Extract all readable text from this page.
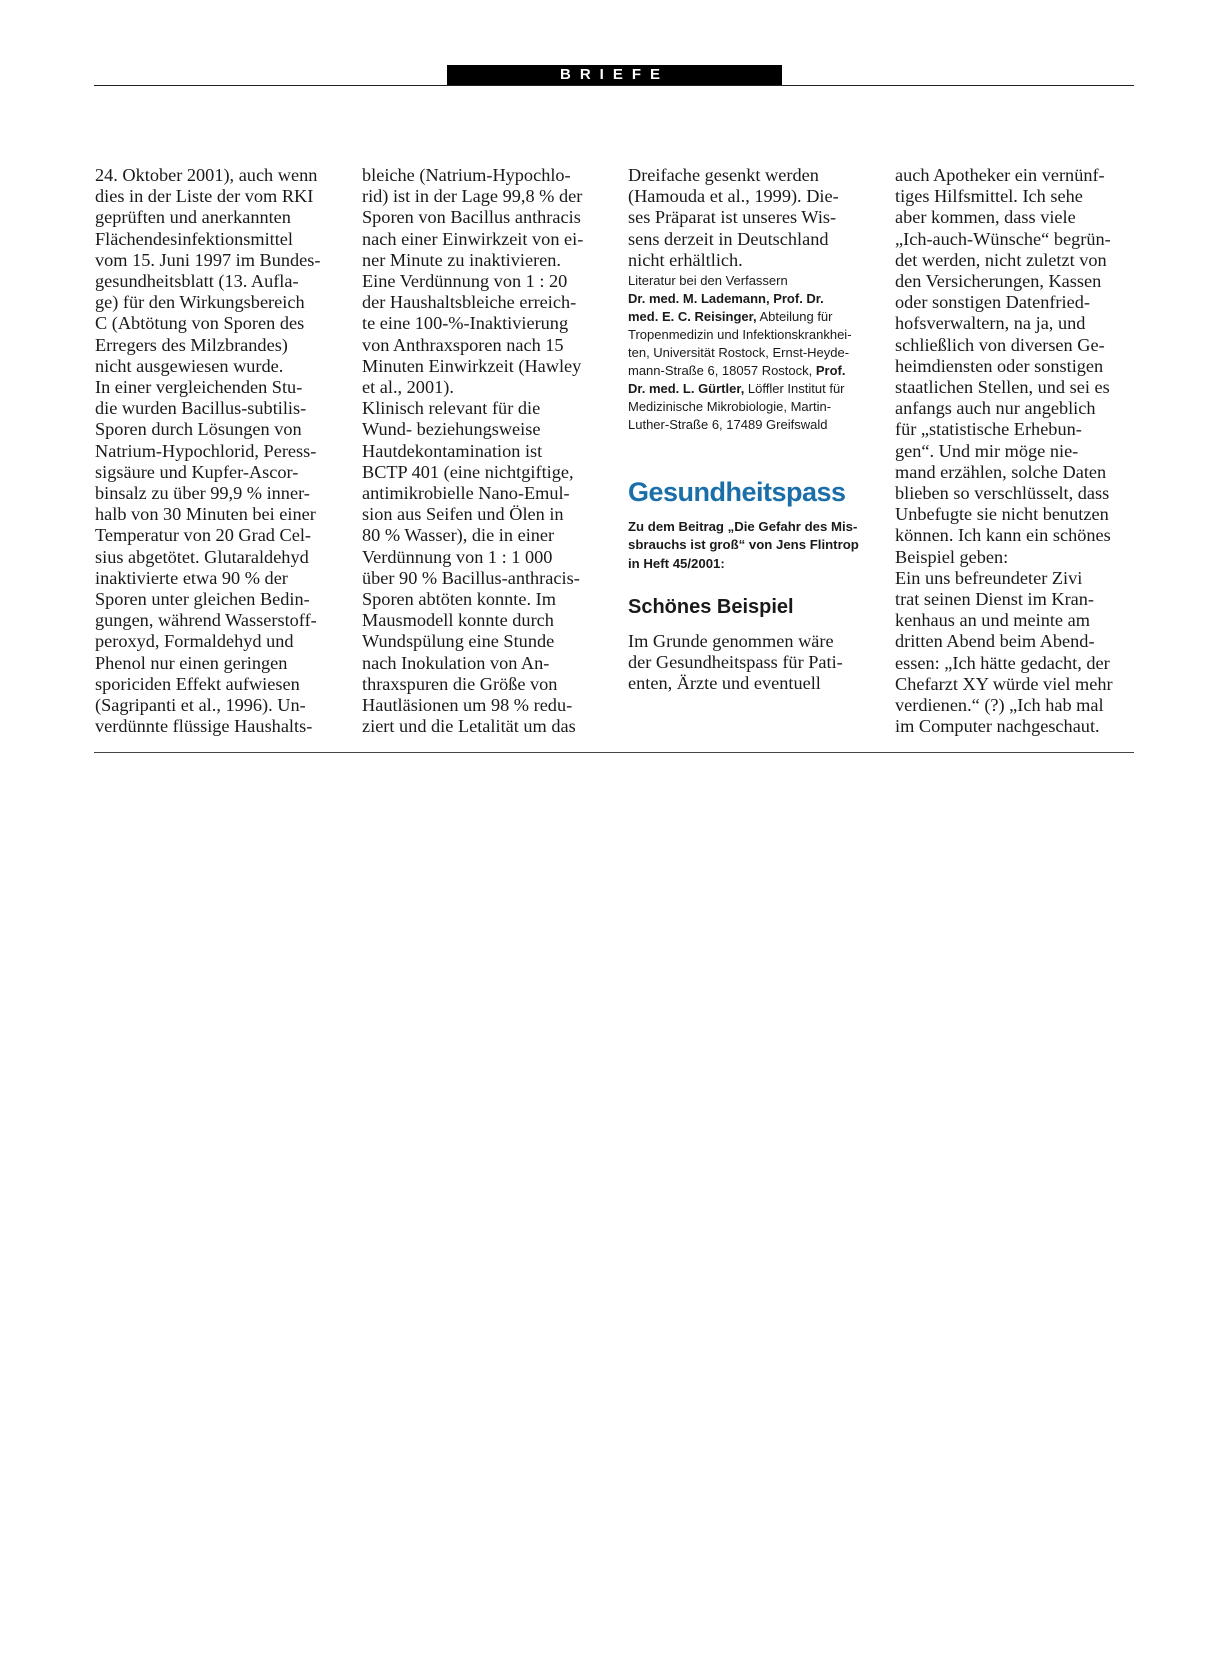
BRIEFE
24. Oktober 2001), auch wenn
dies in der Liste der vom RKI
geprüften und anerkannten
Flächendesinfektionsmittel
vom 15. Juni 1997 im Bundes-
gesundheitsblatt (13. Aufla-
ge) für den Wirkungsbereich
C (Abtötung von Sporen des
Erregers des Milzbrandes)
nicht ausgewiesen wurde.
In einer vergleichenden Stu-
die wurden Bacillus-subtilis-
Sporen durch Lösungen von
Natrium-Hypochlorid, Peress-
sigsäure und Kupfer-Ascor-
binsalz zu über 99,9 % inner-
halb von 30 Minuten bei einer
Temperatur von 20 Grad Cel-
sius abgetötet. Glutaraldehyd
inaktivierte etwa 90 % der
Sporen unter gleichen Bedin-
gungen, während Wasserstoff-
peroxyd, Formaldehyd und
Phenol nur einen geringen
sporiciden Effekt aufwiesen
(Sagripanti et al., 1996). Un-
verdünnte flüssige Haushalts-
bleiche (Natrium-Hypochlo-
rid) ist in der Lage 99,8 % der
Sporen von Bacillus anthracis
nach einer Einwirkzeit von ei-
ner Minute zu inaktivieren.
Eine Verdünnung von 1 : 20
der Haushaltsbleiche erreich-
te eine 100-%-Inaktivierung
von Anthraxsporen nach 15
Minuten Einwirkzeit (Hawley
et al., 2001).
Klinisch relevant für die
Wund- beziehungsweise
Hautdekontamination ist
BCTP 401 (eine nichtgiftige,
antimikrobielle Nano-Emul-
sion aus Seifen und Ölen in
80 % Wasser), die in einer
Verdünnung von 1 : 1 000
über 90 % Bacillus-anthracis-
Sporen abtöten konnte. Im
Mausmodell konnte durch
Wundspülung eine Stunde
nach Inokulation von An-
thraxspuren die Größe von
Hautläsionen um 98 % redu-
ziert und die Letalität um das
Dreifache gesenkt werden
(Hamouda et al., 1999). Die-
ses Präparat ist unseres Wis-
sens derzeit in Deutschland
nicht erhältlich.
Literatur bei den Verfassern
Dr. med. M. Lademann, Prof. Dr.
med. E. C. Reisinger, Abteilung für
Tropenmedizin und Infektionskrankhei-
ten, Universität Rostock, Ernst-Heyde-
mann-Straße 6, 18057 Rostock, Prof.
Dr. med. L. Gürtler, Löffler Institut für
Medizinische Mikrobiologie, Martin-
Luther-Straße 6, 17489 Greifswald
Gesundheitspass
Zu dem Beitrag „Die Gefahr des Mis-
sbrauchs ist groß“ von Jens Flintrop
in Heft 45/2001:
Schönes Beispiel
Im Grunde genommen wäre
der Gesundheitspass für Pati-
enten, Ärzte und eventuell
auch Apotheker ein vernünf-
tiges Hilfsmittel. Ich sehe
aber kommen, dass viele
„Ich-auch-Wünsche“ begrün-
det werden, nicht zuletzt von
den Versicherungen, Kassen
oder sonstigen Datenfried-
hofsverwaltern, na ja, und
schließlich von diversen Ge-
heimdiensten oder sonstigen
staatlichen Stellen, und sei es
anfangs auch nur angeblich
für „statistische Erhebun-
gen“. Und mir möge nie-
mand erzählen, solche Daten
blieben so verschlüsselt, dass
Unbefugte sie nicht benutzen
können. Ich kann ein schönes
Beispiel geben:
Ein uns befreundeter Zivi
trat seinen Dienst im Kran-
kenhaus an und meinte am
dritten Abend beim Abend-
essen: „Ich hätte gedacht, der
Chefarzt XY würde viel mehr
verdienen.“ (?) „Ich hab mal
im Computer nachgeschaut.
